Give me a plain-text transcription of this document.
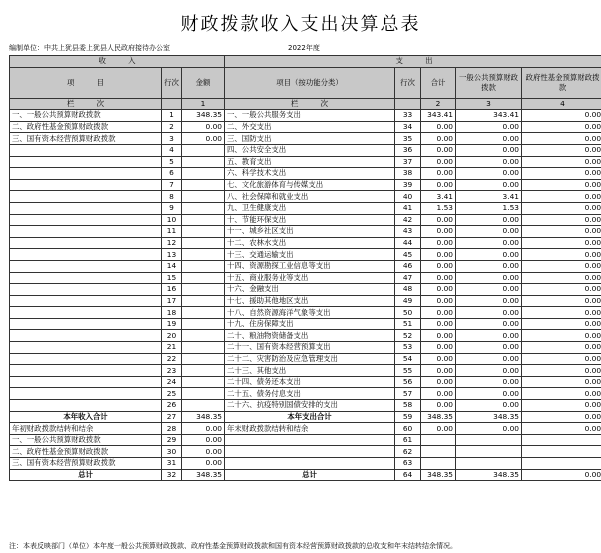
财政拨款收入支出决算总表
编制单位：中共上犹县委上犹县人民政府接待办公室	2022年度
收　　　入			支　　　出				
项　　　目	行次	金额	项目（按功能分类）	行次	合计	一般公共预算财政拨款	政府性基金预算财政拨款
栏　　　次		1	栏　　　次		2	3	4
一、一般公共预算财政拨款	1	348.35	一、一般公共服务支出	33	343.41	343.41	0.00
二、政府性基金预算财政拨款	2	0.00	二、外交支出	34	0.00	0.00	0.00
三、国有资本经营预算财政拨款	3	0.00	三、国防支出	35	0.00	0.00	0.00
	4		四、公共安全支出	36	0.00	0.00	0.00
	5		五、教育支出	37	0.00	0.00	0.00
	6		六、科学技术支出	38	0.00	0.00	0.00
	7		七、文化旅游体育与传媒支出	39	0.00	0.00	0.00
	8		八、社会保障和就业支出	40	3.41	3.41	0.00
	9		九、卫生健康支出	41	1.53	1.53	0.00
	10		十、节能环保支出	42	0.00	0.00	0.00
	11		十一、城乡社区支出	43	0.00	0.00	0.00
	12		十二、农林水支出	44	0.00	0.00	0.00
	13		十三、交通运输支出	45	0.00	0.00	0.00
	14		十四、资源勘探工业信息等支出	46	0.00	0.00	0.00
	15		十五、商业服务业等支出	47	0.00	0.00	0.00
	16		十六、金融支出	48	0.00	0.00	0.00
	17		十七、援助其他地区支出	49	0.00	0.00	0.00
	18		十八、自然资源海洋气象等支出	50	0.00	0.00	0.00
	19		十九、住房保障支出	51	0.00	0.00	0.00
	20		二十、粮油物资储备支出	52	0.00	0.00	0.00
	21		二十一、国有资本经营预算支出	53	0.00	0.00	0.00
	22		二十二、灾害防治及应急管理支出	54	0.00	0.00	0.00
	23		二十三、其他支出	55	0.00	0.00	0.00
	24		二十四、债务还本支出	56	0.00	0.00	0.00
	25		二十五、债务付息支出	57	0.00	0.00	0.00
	26		二十六、抗疫特别国债安排的支出	58	0.00	0.00	0.00
本年收入合计	27	348.35	本年支出合计	59	348.35	348.35	0.00
年初财政拨款结转和结余	28	0.00	年末财政拨款结转和结余	60	0.00	0.00	0.00
一、一般公共预算财政拨款	29	0.00		61			
二、政府性基金预算财政拨款	30	0.00		62			
三、国有资本经营预算财政拨款	31	0.00		63			
总计	32	348.35	总计	64	348.35	348.35	0.00
注：本表反映部门（单位）本年度一般公共预算财政拨款、政府性基金预算财政拨款和国有资本经营预算财政拨款的总收支和年末结转结余情况。
